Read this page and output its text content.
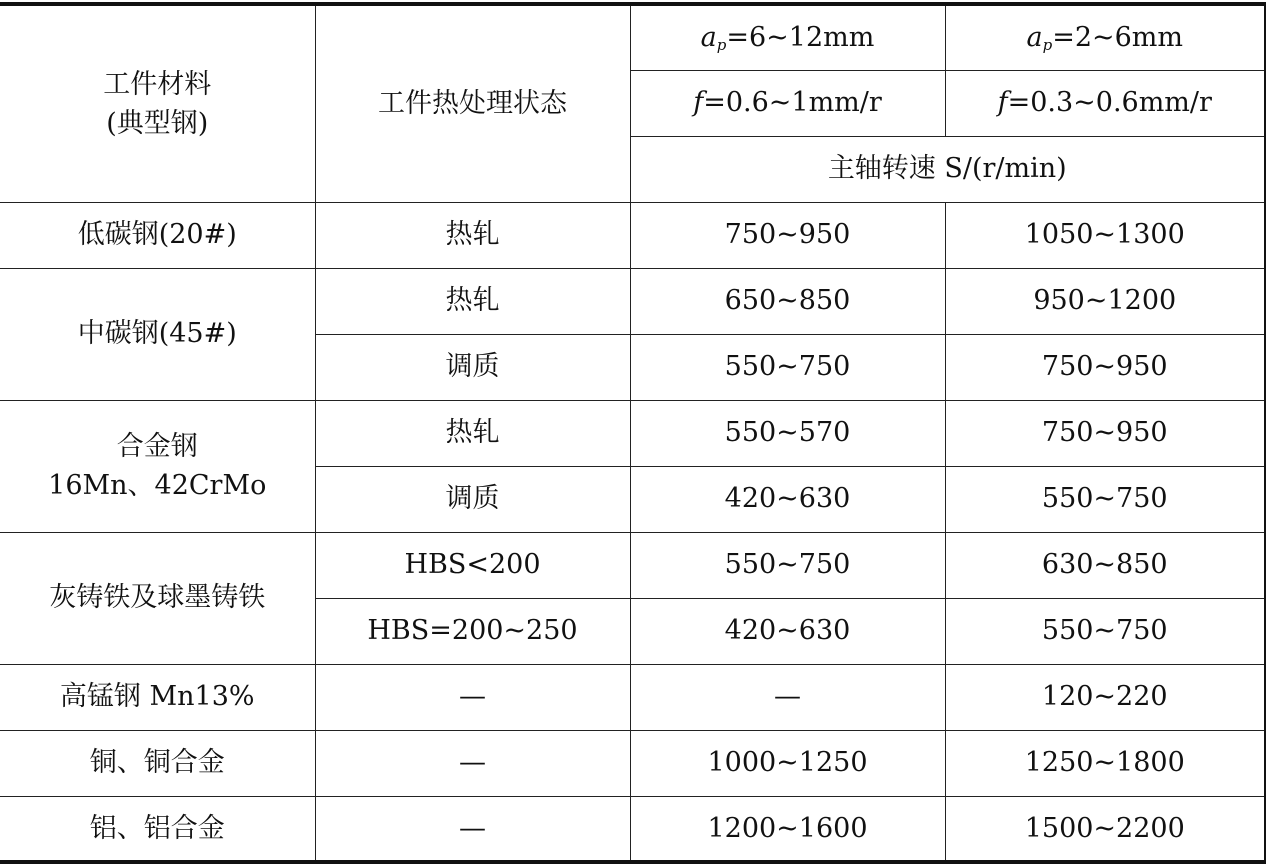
工件材料
(典型钢)	工件热处理状态	$a_p=6\sim 12mm$	$a_p=2\sim 6mm$
		f=0.6~1mm/r	f=0.3~0.6mm/r
		主轴转速 S/(r/min)	
低碳钢(20#)	热轧	750~950	1050~1300
中碳钢(45#)	热轧	650~850	950~1200
	调质	550~750	750~950

合金钢
16Mn、42CrMo	热轧	550~570	750~950
	调质	420~630	550~750
灰铸铁及球墨铸铁	HBS<200	550~750	630~850
	HBS=200~250	420~630	550~750
高锰钢 Mn13%	—	—	120~220
铜、铜合金	—	1000~1250	1250~1800
铝、铝合金	—	1200~1600	1500~2200
